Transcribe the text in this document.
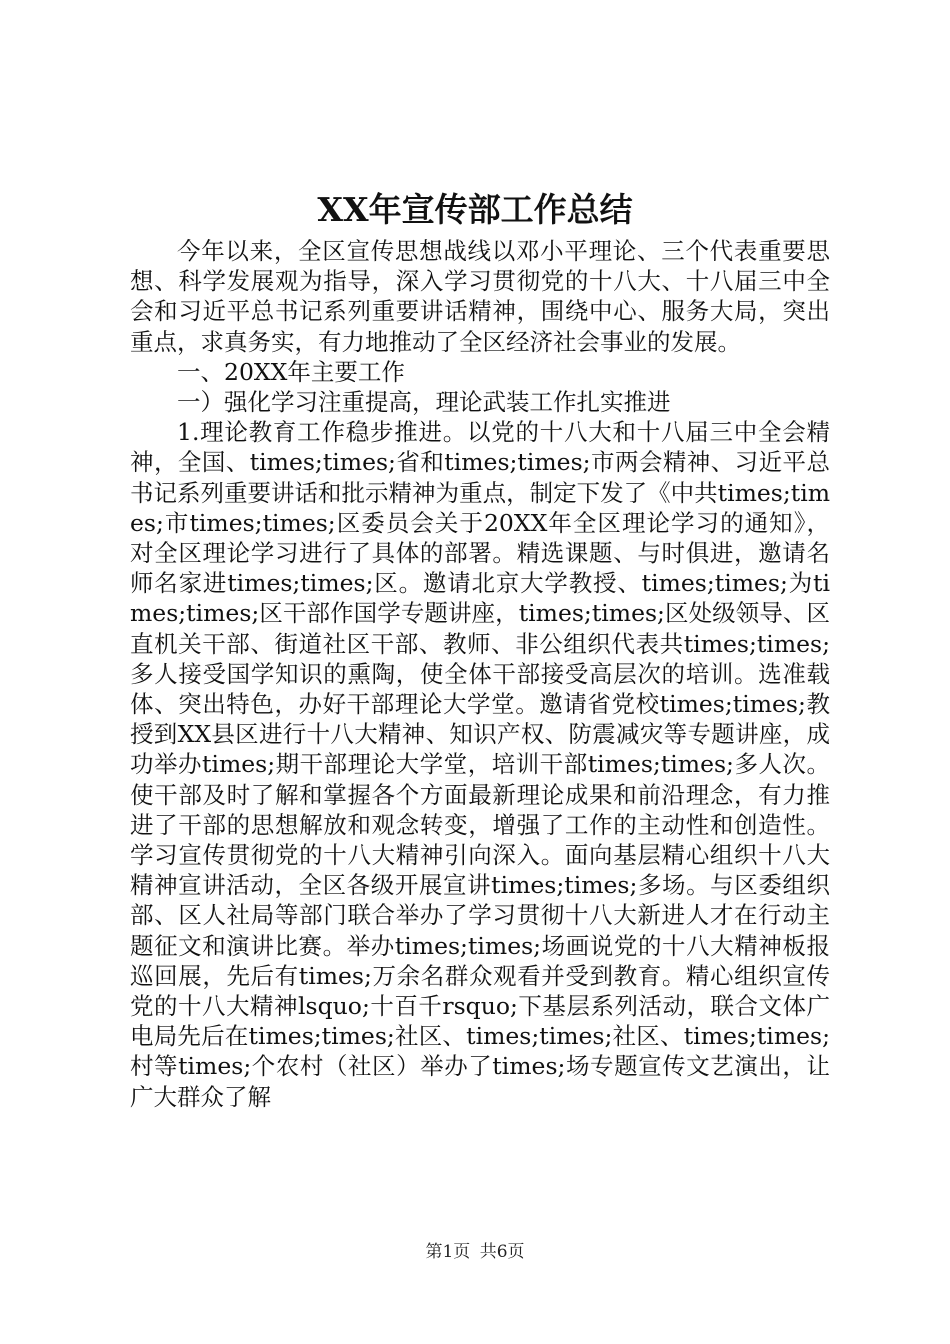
XX年宣传部工作总结

今年以来，全区宣传思想战线以邓小平理论、三个代表重要思想、科学发展观为指导，深入学习贯彻党的十八大、十八届三中全会和习近平总书记系列重要讲话精神，围绕中心、服务大局，突出重点，求真务实，有力地推动了全区经济社会事业的发展。

一、20XX年主要工作

一）强化学习注重提高，理论武装工作扎实推进

1.理论教育工作稳步推进。以党的十八大和十八届三中全会精神，全国、times;times;省和times;times;市两会精神、习近平总书记系列重要讲话和批示精神为重点，制定下发了《中共times;times;市times;times;区委员会关于20XX年全区理论学习的通知》，对全区理论学习进行了具体的部署。精选课题、与时俱进，邀请名师名家进times;times;区。邀请北京大学教授、times;times;为times;times;区干部作国学专题讲座，times;times;区处级领导、区直机关干部、街道社区干部、教师、非公组织代表共times;times;多人接受国学知识的熏陶，使全体干部接受高层次的培训。选准载体、突出特色，办好干部理论大学堂。邀请省党校times;times;教授到XX县区进行十八大精神、知识产权、防震减灾等专题讲座，成功举办times;期干部理论大学堂，培训干部times;times;多人次。使干部及时了解和掌握各个方面最新理论成果和前沿理念，有力推进了干部的思想解放和观念转变，增强了工作的主动性和创造性。学习宣传贯彻党的十八大精神引向深入。面向基层精心组织十八大精神宣讲活动，全区各级开展宣讲times;times;多场。与区委组织部、区人社局等部门联合举办了学习贯彻十八大新进人才在行动主题征文和演讲比赛。举办times;times;场画说党的十八大精神板报巡回展，先后有times;万余名群众观看并受到教育。精心组织宣传党的十八大精神lsquo;十百千rsquo;下基层系列活动，联合文体广电局先后在times;times;社区、times;times;社区、times;times;村等times;个农村（社区）举办了times;场专题宣传文艺演出，让广大群众了解

第1页 共6页
